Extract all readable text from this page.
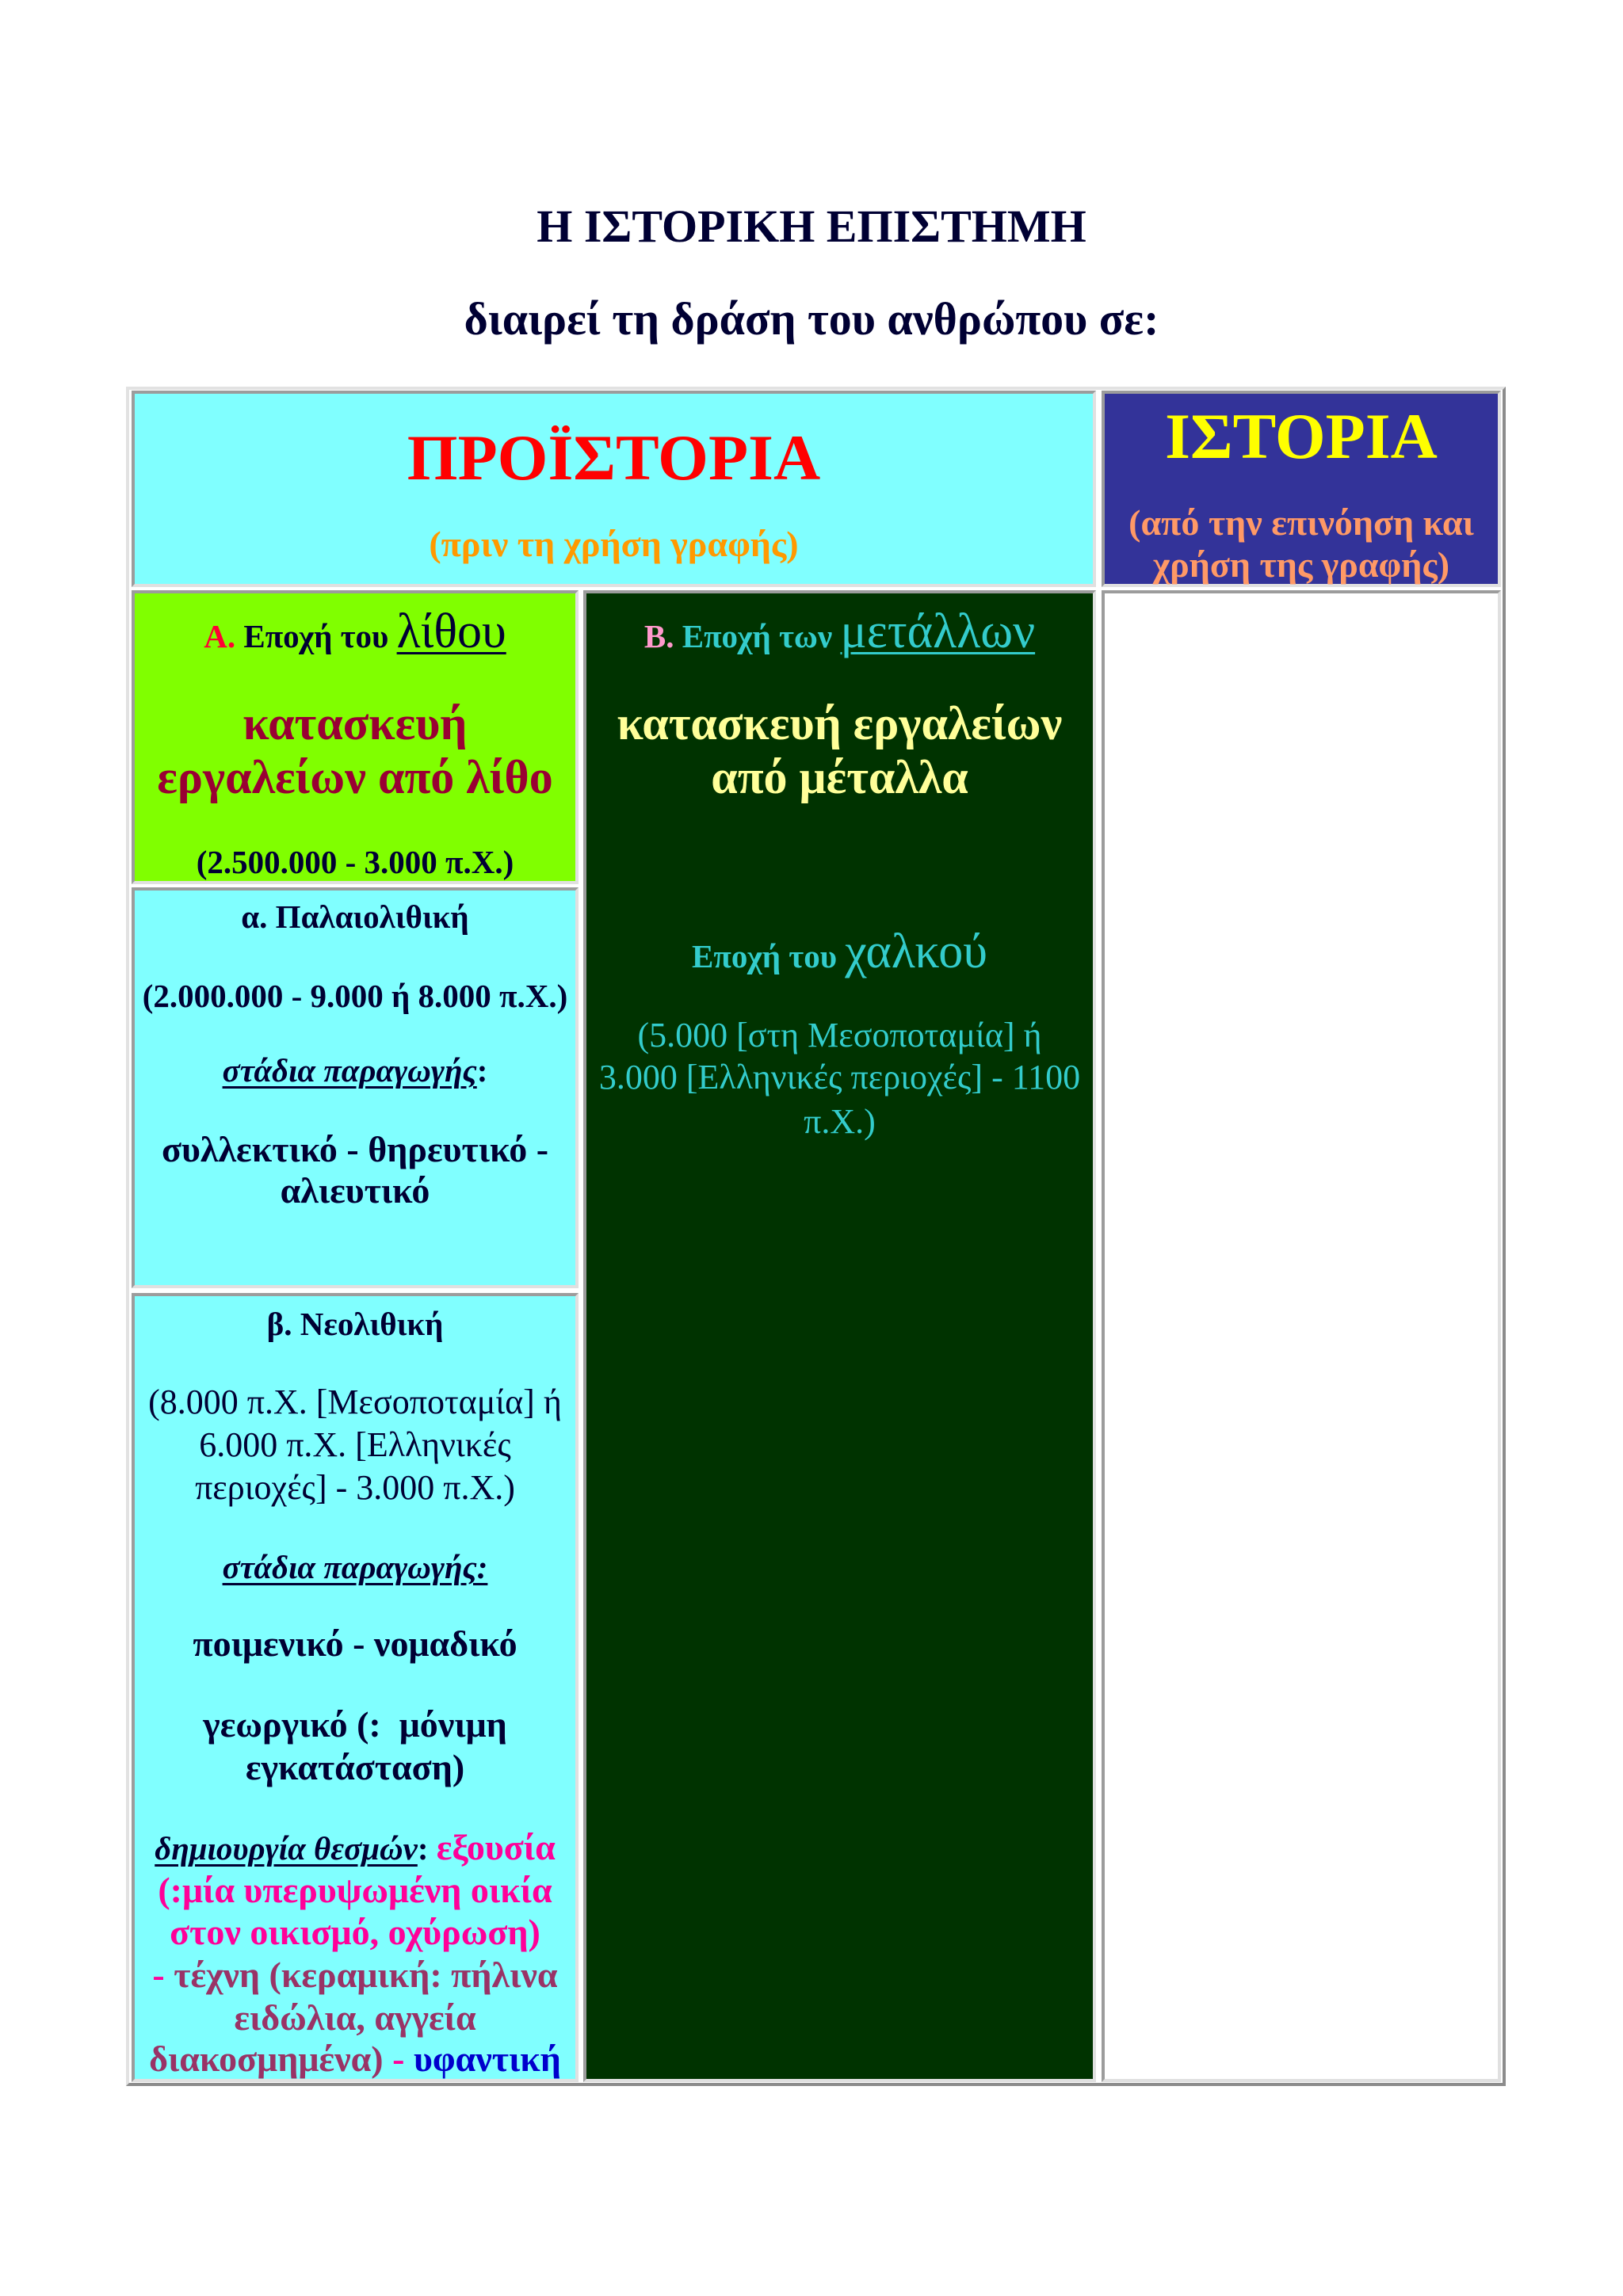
Η ΙΣΤΟΡΙΚΗ ΕΠΙΣΤΗΜΗ
διαιρεί τη δράση του ανθρώπου σε:
ΠΡΟΪΣΤΟΡΙΑ
(πριν τη χρήση γραφής)
ΙΣΤΟΡΙΑ
(από την επινόηση και
χρήση της γραφής)
Α. Εποχή του λίθου
κατασκευή
εργαλείων από λίθο
(2.500.000 - 3.000 π.Χ.)
Β. Εποχή των μετάλλων
κατασκευή εργαλείων
από μέταλλα
Εποχή του χαλκού
(5.000 [στη Μεσοποταμία] ή
3.000 [Ελληνικές περιοχές] - 1100
π.Χ.)
α. Παλαιολιθική
(2.000.000 - 9.000 ή 8.000 π.Χ.)
στάδια παραγωγής:
συλλεκτικό - θηρευτικό -
αλιευτικό
β. Νεολιθική
(8.000 π.Χ. [Μεσοποταμία] ή
6.000 π.Χ. [Ελληνικές
περιοχές] - 3.000 π.Χ.)
στάδια παραγωγής:
ποιμενικό - νομαδικό
γεωργικό (:  μόνιμη
εγκατάσταση)
δημιουργία θεσμών: εξουσία
(:μία υπερυψωμένη οικία
στον οικισμό, οχύρωση)
- τέχνη (κεραμική: πήλινα
ειδώλια, αγγεία
διακοσμημένα) - υφαντική
